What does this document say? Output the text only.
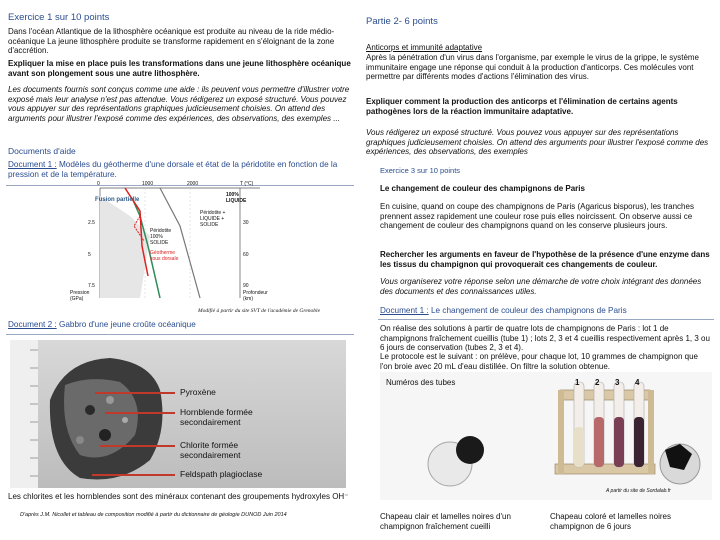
Exercice 1 sur 10 points
Dans l'océan Atlantique de la lithosphère océanique est produite au niveau de la ride médio-océanique La jeune lithosphère produite se transforme rapidement en s'éloignant de la zone d'accrétion.
Expliquer la mise en place puis les transformations dans une jeune lithosphère océanique avant son plongement sous une autre lithosphère.
Les documents fournis sont conçus comme une aide : ils peuvent vous permettre d'illustrer votre exposé mais leur analyse n'est pas attendue. Vous rédigerez un exposé structuré. Vous pouvez vous appuyer sur des représentations graphiques judicieusement choisies. On attend des arguments pour illustrer l'exposé comme des expériences, des observations, des exemples ...
Documents d'aide
Document 1 : Modèles du géotherme d'une dorsale et état de la péridotite en fonction de la pression et de la température.
0	1000	2000	T (°C)
2.5
5
7.5
Pression (GPa)
30
60
90
Profondeur (km)
Fusion partielle
100% LIQUIDE
Péridotite + LIQUIDE + SOLIDE
Péridotite 100% SOLIDE
Géotherme sous dorsale
Modifié à partir du site SVT de l'académie de Grenoble
Document 2 : Gabbro d'une jeune croûte océanique
Pyroxène
Hornblende formée secondairement
Chlorite formée secondairement
Feldspath plagioclase
Les chlorites et les hornblendes sont des minéraux contenant des groupements hydroxyles OH⁻
D'après J.M. Nicollet et tableau de composition modifié à partir du dictionnaire de géologie DUNOD Juin 2014
Partie 2- 6 points
Anticorps et immunité adaptative
Après la pénétration d'un virus dans l'organisme, par exemple le virus de la grippe, le système immunitaire engage une réponse qui conduit à la production d'anticorps. Ces molécules vont permettre par différents modes d'actions l'élimination des virus.
Expliquer comment la production des anticorps et l'élimination de certains agents pathogènes lors de la réaction immunitaire adaptative.
Vous rédigerez un exposé structuré. Vous pouvez vous appuyer sur des représentations graphiques judicieusement choisies. On attend des arguments pour illustrer l'exposé comme des expériences, des observations, des exemples
Exercice 3 sur 10 points
Le changement de couleur des champignons de Paris
En cuisine, quand on coupe des champignons de Paris (Agaricus bisporus), les tranches prennent assez rapidement une couleur rose puis elles noircissent. On observe aussi ce changement de couleur des champignons quand on les conserve plusieurs jours.
Rechercher les arguments en faveur de l'hypothèse de la présence d'une enzyme dans les tissus du champignon qui provoquerait ces changements de couleur.
Vous organiserez votre réponse selon une démarche de votre choix intégrant des données des documents et des connaissances utiles.
Document 1 : Le changement de couleur des champignons de Paris
On réalise des solutions à partir de quatre lots de champignons de Paris : lot 1 de champignons fraîchement cueillis (tube 1) ; lots 2, 3 et 4 cueillis respectivement après 1, 3 ou 6 jours de conservation (tubes 2, 3 et 4).
Le protocole est le suivant : on prélève, pour chaque lot, 10 grammes de champignon que l'on broie avec 20 mL d'eau distillée. On filtre la solution obtenue.
Numéros des tubes	1 2 3 4
A partir du site de Sordalab.fr
Chapeau clair et lamelles noires d'un champignon fraîchement cueilli
Chapeau coloré et lamelles noires champignon de 6 jours
